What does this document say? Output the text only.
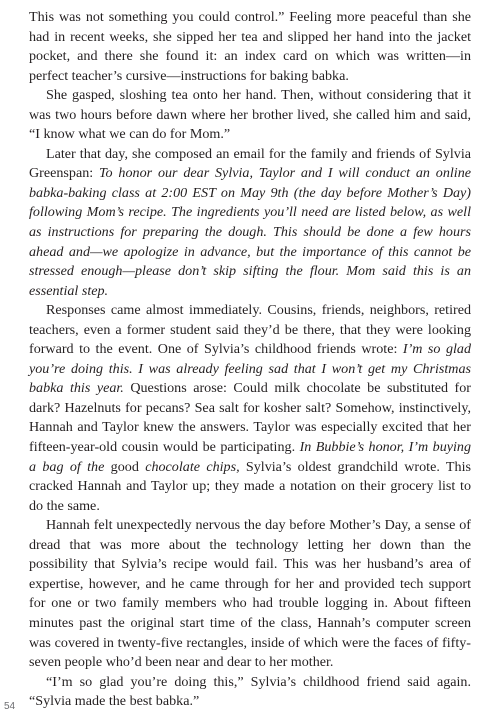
This was not something you could control.” Feeling more peaceful than she had in recent weeks, she sipped her tea and slipped her hand into the jacket pocket, and there she found it: an index card on which was written—in perfect teacher’s cursive—instructions for baking babka.

She gasped, sloshing tea onto her hand. Then, without considering that it was two hours before dawn where her brother lived, she called him and said, “I know what we can do for Mom.”

Later that day, she composed an email for the family and friends of Sylvia Greenspan: To honor our dear Sylvia, Taylor and I will conduct an online babka-baking class at 2:00 EST on May 9th (the day before Mother’s Day) following Mom’s recipe. The ingredients you’ll need are listed below, as well as instructions for preparing the dough. This should be done a few hours ahead and—we apologize in advance, but the importance of this cannot be stressed enough—please don’t skip sifting the flour. Mom said this is an essential step.

Responses came almost immediately. Cousins, friends, neighbors, retired teachers, even a former student said they’d be there, that they were looking forward to the event. One of Sylvia’s childhood friends wrote: I’m so glad you’re doing this. I was already feeling sad that I won’t get my Christmas babka this year. Questions arose: Could milk chocolate be substituted for dark? Hazelnuts for pecans? Sea salt for kosher salt? Somehow, instinctively, Hannah and Taylor knew the answers. Taylor was especially excited that her fifteen-year-old cousin would be participating. In Bubbie’s honor, I’m buying a bag of the good chocolate chips, Sylvia’s oldest grandchild wrote. This cracked Hannah and Taylor up; they made a notation on their grocery list to do the same.

Hannah felt unexpectedly nervous the day before Mother’s Day, a sense of dread that was more about the technology letting her down than the possibility that Sylvia’s recipe would fail. This was her husband’s area of expertise, however, and he came through for her and provided tech support for one or two family members who had trouble logging in. About fifteen minutes past the original start time of the class, Hannah’s computer screen was covered in twenty-five rectangles, inside of which were the faces of fifty-seven people who’d been near and dear to her mother.

“I’m so glad you’re doing this,” Sylvia’s childhood friend said again. “Sylvia made the best babka.”

54
